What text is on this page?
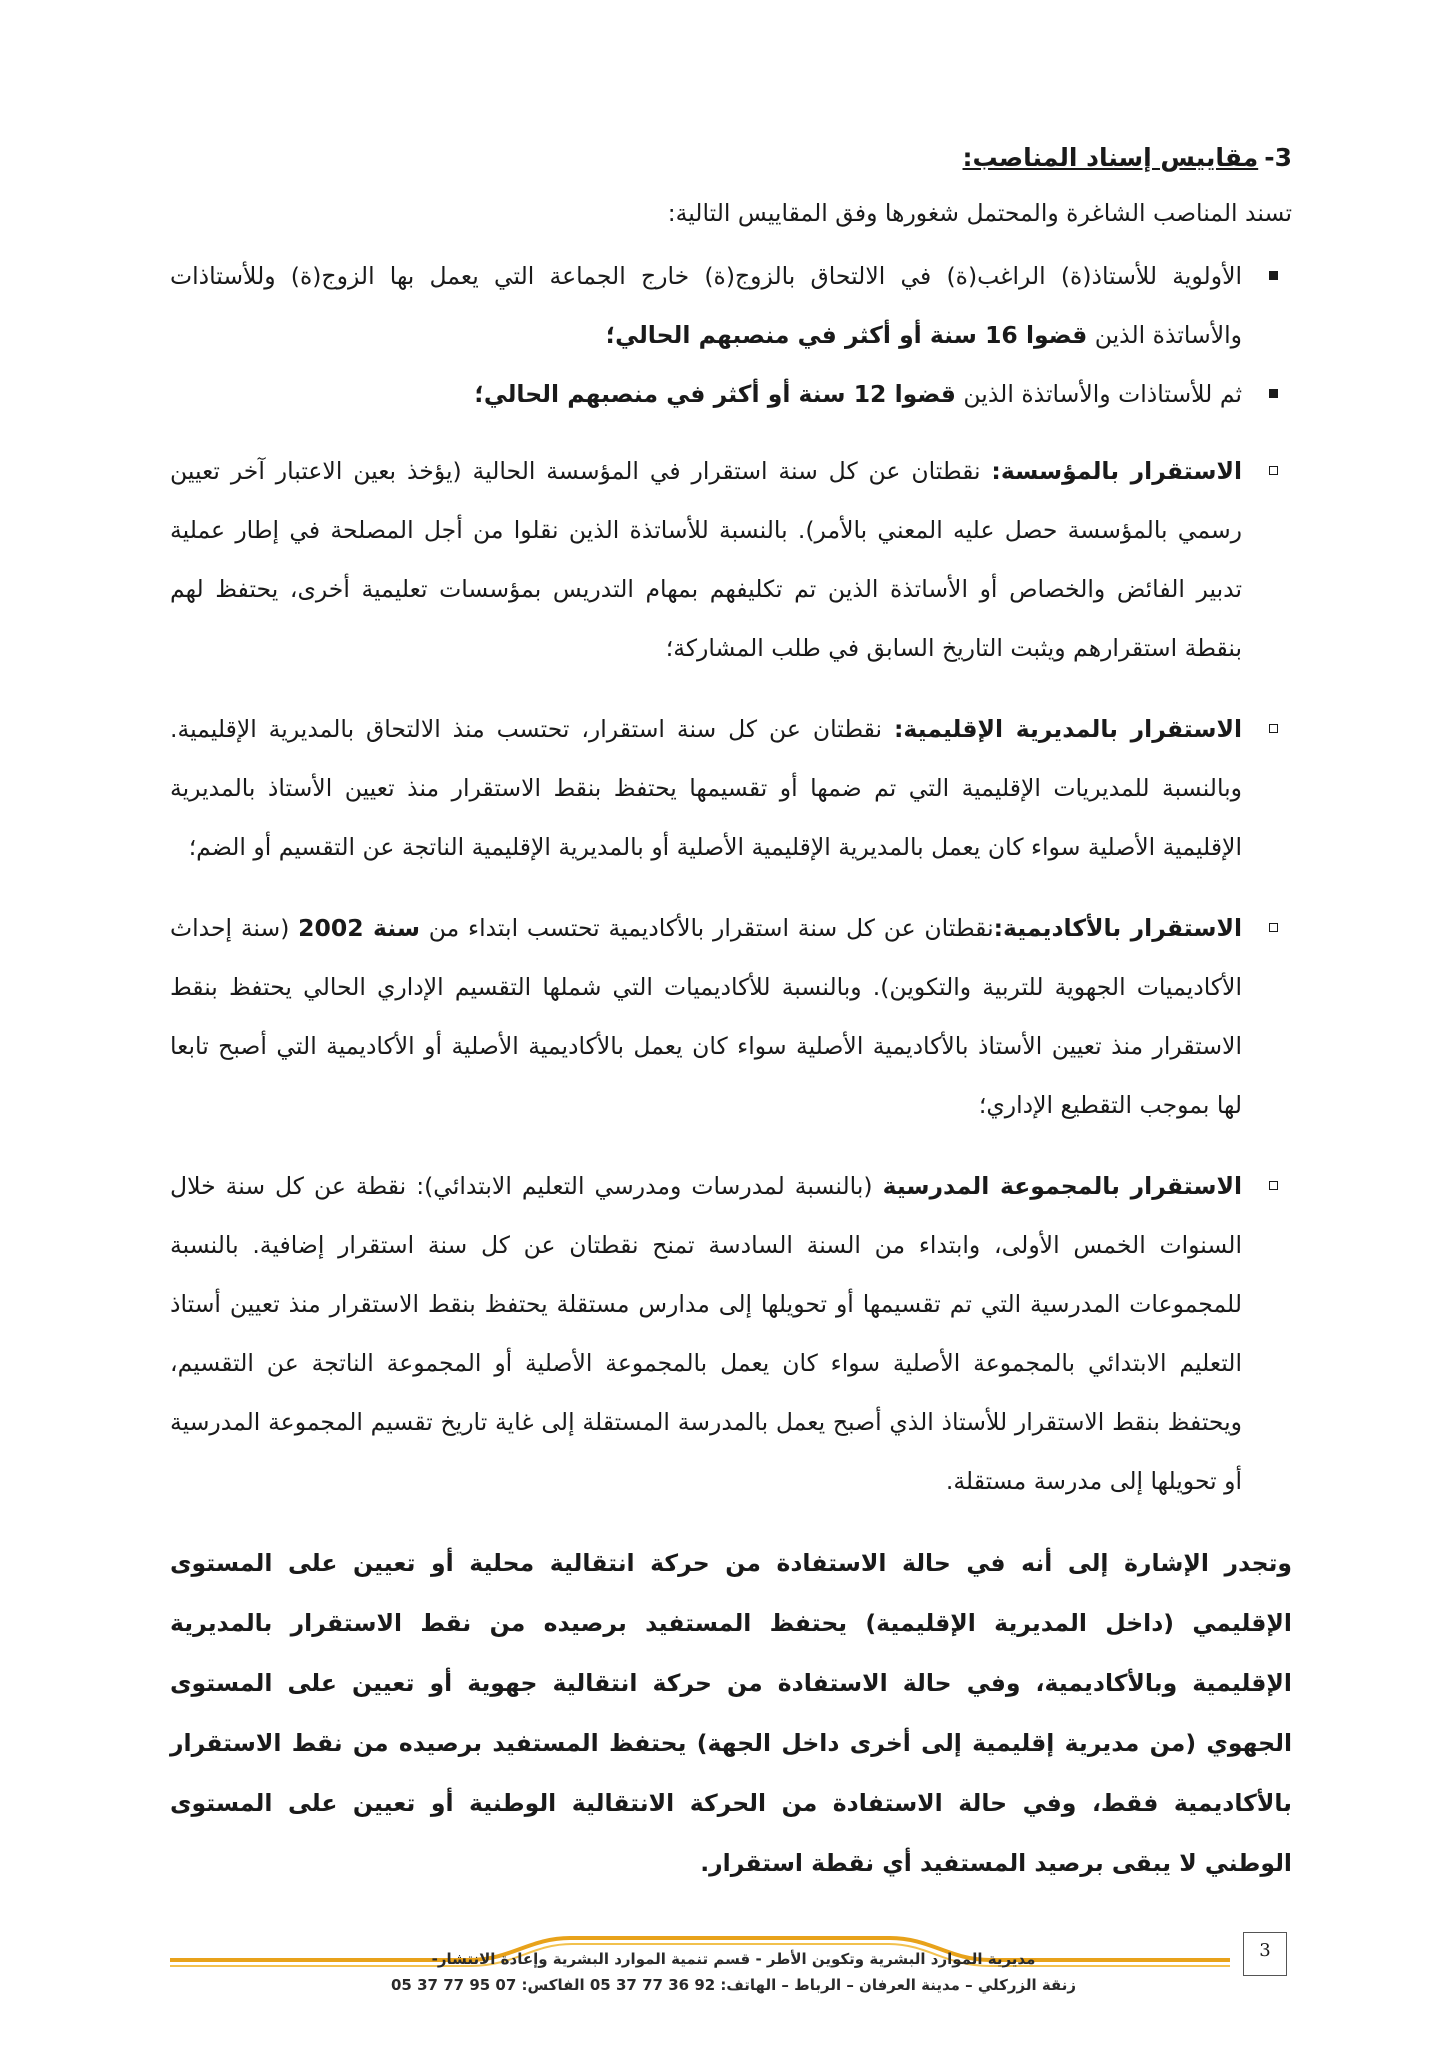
3-مقاييس إسناد المناصب:
تسند المناصب الشاغرة والمحتمل شغورها وفق المقاييس التالية:
الأولوية للأستاذ(ة) الراغب(ة) في الالتحاق بالزوج(ة) خارج الجماعة التي يعمل بها الزوج(ة) وللأستاذات والأساتذة الذين قضوا 16 سنة أو أكثر في منصبهم الحالي؛
ثم للأستاذات والأساتذة الذين قضوا 12 سنة أو أكثر في منصبهم الحالي؛
الاستقرار بالمؤسسة: نقطتان عن كل سنة استقرار في المؤسسة الحالية (يؤخذ بعين الاعتبار آخر تعيين رسمي بالمؤسسة حصل عليه المعني بالأمر). بالنسبة للأساتذة الذين نقلوا من أجل المصلحة في إطار عملية تدبير الفائض والخصاص أو الأساتذة الذين تم تكليفهم بمهام التدريس بمؤسسات تعليمية أخرى، يحتفظ لهم بنقطة استقرارهم ويثبت التاريخ السابق في طلب المشاركة؛
الاستقرار بالمديرية الإقليمية: نقطتان عن كل سنة استقرار، تحتسب منذ الالتحاق بالمديرية الإقليمية. وبالنسبة للمديريات الإقليمية التي تم ضمها أو تقسيمها يحتفظ بنقط الاستقرار منذ تعيين الأستاذ بالمديرية الإقليمية الأصلية سواء كان يعمل بالمديرية الإقليمية الأصلية أو بالمديرية الإقليمية الناتجة عن التقسيم أو الضم؛
الاستقرار بالأكاديمية:نقطتان عن كل سنة استقرار بالأكاديمية تحتسب ابتداء من سنة 2002 (سنة إحداث الأكاديميات الجهوية للتربية والتكوين). وبالنسبة للأكاديميات التي شملها التقسيم الإداري الحالي يحتفظ بنقط الاستقرار منذ تعيين الأستاذ بالأكاديمية الأصلية سواء كان يعمل بالأكاديمية الأصلية أو الأكاديمية التي أصبح تابعا لها بموجب التقطيع الإداري؛
الاستقرار بالمجموعة المدرسية (بالنسبة لمدرسات ومدرسي التعليم الابتدائي): نقطة عن كل سنة خلال السنوات الخمس الأولى، وابتداء من السنة السادسة تمنح نقطتان عن كل سنة استقرار إضافية. بالنسبة للمجموعات المدرسية التي تم تقسيمها أو تحويلها إلى مدارس مستقلة يحتفظ بنقط الاستقرار منذ تعيين أستاذ التعليم الابتدائي بالمجموعة الأصلية سواء كان يعمل بالمجموعة الأصلية أو المجموعة الناتجة عن التقسيم، ويحتفظ بنقط الاستقرار للأستاذ الذي أصبح يعمل بالمدرسة المستقلة إلى غاية تاريخ تقسيم المجموعة المدرسية أو تحويلها إلى مدرسة مستقلة.
وتجدر الإشارة إلى أنه في حالة الاستفادة من حركة انتقالية محلية أو تعيين على المستوى الإقليمي (داخل المديرية الإقليمية) يحتفظ المستفيد برصيده من نقط الاستقرار بالمديرية الإقليمية وبالأكاديمية، وفي حالة الاستفادة من حركة انتقالية جهوية أو تعيين على المستوى الجهوي (من مديرية إقليمية إلى أخرى داخل الجهة) يحتفظ المستفيد برصيده من نقط الاستقرار بالأكاديمية فقط، وفي حالة الاستفادة من الحركة الانتقالية الوطنية أو تعيين على المستوى الوطني لا يبقى برصيد المستفيد أي نقطة استقرار.
3
مديرية الموارد البشرية وتكوين الأطر - قسم تنمية الموارد البشرية وإعادة الانتشار-
زنقة الزركلي – مدينة العرفان – الرباط – الهاتف: 92 36 77 37 05 الفاكس: 07 95 77 37 05
